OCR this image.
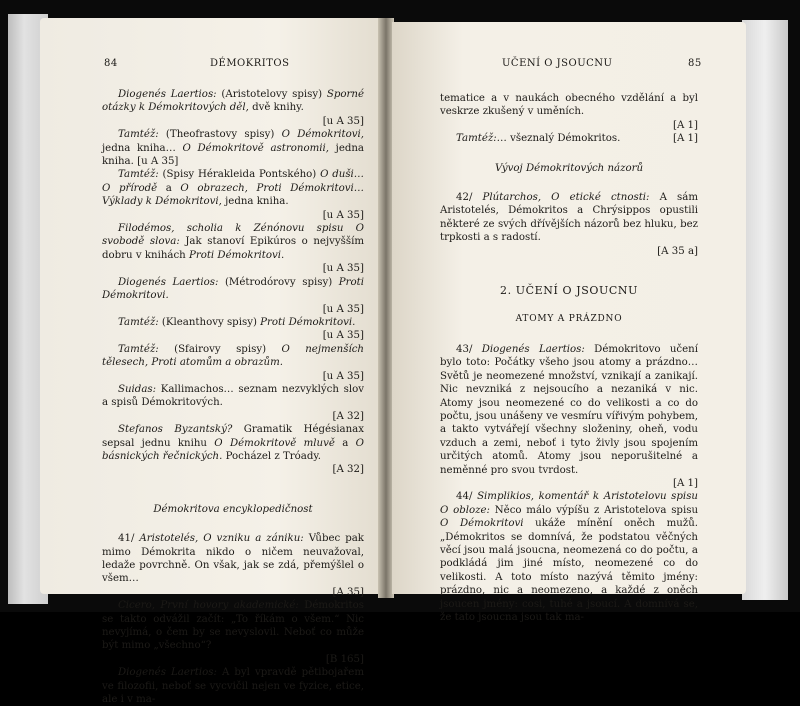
84	DÉMOKRITOS

Diogenés Laertios: (Aristotelovy spisy) Sporné otázky k Démokritových děl, dvě knihy.
[u A 35]

Tamtéž: (Theofrastovy spisy) O Démokritovi, jedna kniha… O Démokritově astronomii, jedna kniha. [u A 35]

Tamtéž: (Spisy Hérakleida Pontského) O duši… O přírodě a O obrazech, Proti Démokritovi… Výklady k Démokritovi, jedna kniha.
[u A 35]

Filodémos, scholia k Zénónovu spisu O svobodě slova: Jak stanoví Epikúros o nejvyšším dobru v knihách Proti Démokritovi.
[u A 35]

Diogenés Laertios: (Métrodórovy spisy) Proti Démokritovi.
[u A 35]

Tamtéž: (Kleanthovy spisy) Proti Démokritovi.
[u A 35]

Tamtéž: (Sfairovy spisy) O nejmenších tělesech, Proti atomům a obrazům.
[u A 35]

Suidas: Kallimachos… seznam nezvyklých slov a spisů Démokritových.
[A 32]

Stefanos Byzantský? Gramatik Hégésianax sepsal jednu knihu O Démokritově mluvě a O básnických řečnických. Pocházel z Tróady.
[A 32]

Démokritova encyklopedičnost

41/ Aristotelés, O vzniku a zániku: Vůbec pak mimo Démokrita nikdo o ničem neuvažoval, ledaže povrchně. On však, jak se zdá, přemýšlel o všem…
[A 35]

Cicero, První hovory akademické: Démokritos se takto odvážil začít: „To říkám o všem.“ Nic nevyjímá, o čem by se nevyslovil. Neboť co může být mimo „všechno“?
[B 165]

Diogenés Laertios: A byl vpravdě pětibojařem ve filozofii, neboť se vycvičil nejen ve fyzice, etice, ale i v ma-

UČENÍ O JSOUCNU	85

tematice a v naukách obecného vzdělání a byl veskrze zkušený v uměních.
[A 1]

Tamtéž:… všeznalý Démokritos.	[A 1]

Vývoj Démokritových názorů

42/ Plútarchos, O etické ctnosti: A sám Aristotelés, Démokritos a Chrýsippos opustili některé ze svých dřívějších názorů bez hluku, bez trpkosti a s radostí.
[A 35 a]

2. UČENÍ O JSOUCNU

ATOMY A PRÁZDNO

43/ Diogenés Laertios: Démokritovo učení bylo toto: Počátky všeho jsou atomy a prázdno… Světů je neomezené množství, vznikají a zanikají. Nic nevzniká z nejsoucího a nezaniká v nic. Atomy jsou neomezené co do velikosti a co do počtu, jsou unášeny ve vesmíru vířivým pohybem, a takto vytvářejí všechny složeniny, oheň, vodu vzduch a zemi, neboť i tyto živly jsou spojením určitých atomů. Atomy jsou neporušitelné a neměnné pro svou tvrdost.
[A 1]

44/ Simplikios, komentář k Aristotelovu spisu O obloze: Něco málo výpíšu z Aristotelova spisu O Démokritovi ukáže mínění oněch mužů. „Démokritos se domnívá, že podstatou věčných věcí jsou malá jsoucna, neomezená co do počtu, a podkládá jim jiné místo, neomezené co do velikosti. A toto místo nazývá těmito jmény: prázdno, nic a neomezeno, a každé z oněch jsoucen jmény: cosi, tuhé a jsoucí. A domnívá se, že tato jsoucna jsou tak ma-
